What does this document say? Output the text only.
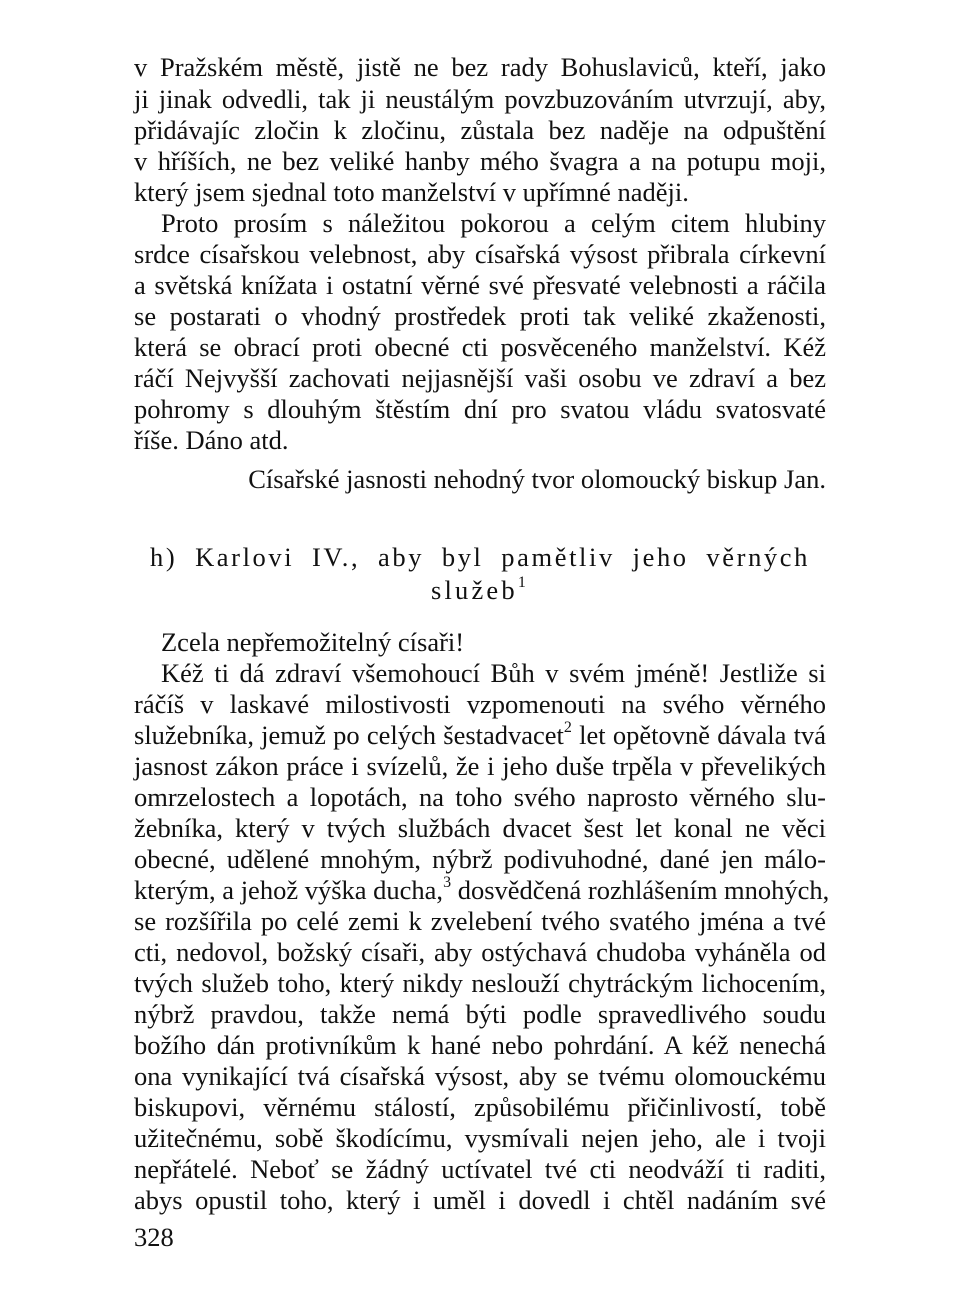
v Pražském městě, jistě ne bez rady Bohuslaviců, kteří, jako
ji jinak odvedli, tak ji neustálým povzbuzováním utvrzují, aby,
přidávajíc zločin k zločinu, zůstala bez naděje na odpuštění
v hříších, ne bez veliké hanby mého švagra a na potupu moji,
který jsem sjednal toto manželství v upřímné naději.
Proto prosím s náležitou pokorou a celým citem hlubiny
srdce císařskou velebnost, aby císařská výsost přibrala církevní
a světská knížata i ostatní věrné své přesvaté velebnosti a ráčila
se postarati o vhodný prostředek proti tak veliké zkaženosti,
která se obrací proti obecné cti posvěceného manželství. Kéž
ráčí Nejvyšší zachovati nejjasnější vaši osobu ve zdraví a bez
pohromy s dlouhým štěstím dní pro svatou vládu svatosvaté
říše. Dáno atd.
Císařské jasnosti nehodný tvor olomoucký biskup Jan.
h) Karlovi IV., aby byl pamětliv jeho věrných
služeb$^1$
Zcela nepřemožitelný císaři!
Kéž ti dá zdraví všemohoucí Bůh v svém jméně! Jestliže si
ráčíš v laskavé milostivosti vzpomenouti na svého věrného
služebníka, jemuž po celých šestadvacet$^2$ let opětovně dávala tvá
jasnost zákon práce i svízelů, že i jeho duše trpěla v převelikých
omrzelostech a lopotách, na toho svého naprosto věrného slu-
žebníka, který v tvých službách dvacet šest let konal ne věci
obecné, udělené mnohým, nýbrž podivuhodné, dané jen málo-
kterým, a jehož výška ducha,$^3$ dosvědčená rozhlášením mnohých,
se rozšířila po celé zemi k zvelebení tvého svatého jména a tvé
cti, nedovol, božský císaři, aby ostýchavá chudoba vyháněla od
tvých služeb toho, který nikdy neslouží chytráckým lichocením,
nýbrž pravdou, takže nemá býti podle spravedlivého soudu
božího dán protivníkům k hané nebo pohrdání. A kéž nenechá
ona vynikající tvá císařská výsost, aby se tvému olomouckému
biskupovi, věrnému stálostí, způsobilému přičinlivostí, tobě
užitečnému, sobě škodícímu, vysmívali nejen jeho, ale i tvoji
nepřátelé. Neboť se žádný uctívatel tvé cti neodváží ti raditi,
abys opustil toho, který i uměl i dovedl i chtěl nadáním své
328
